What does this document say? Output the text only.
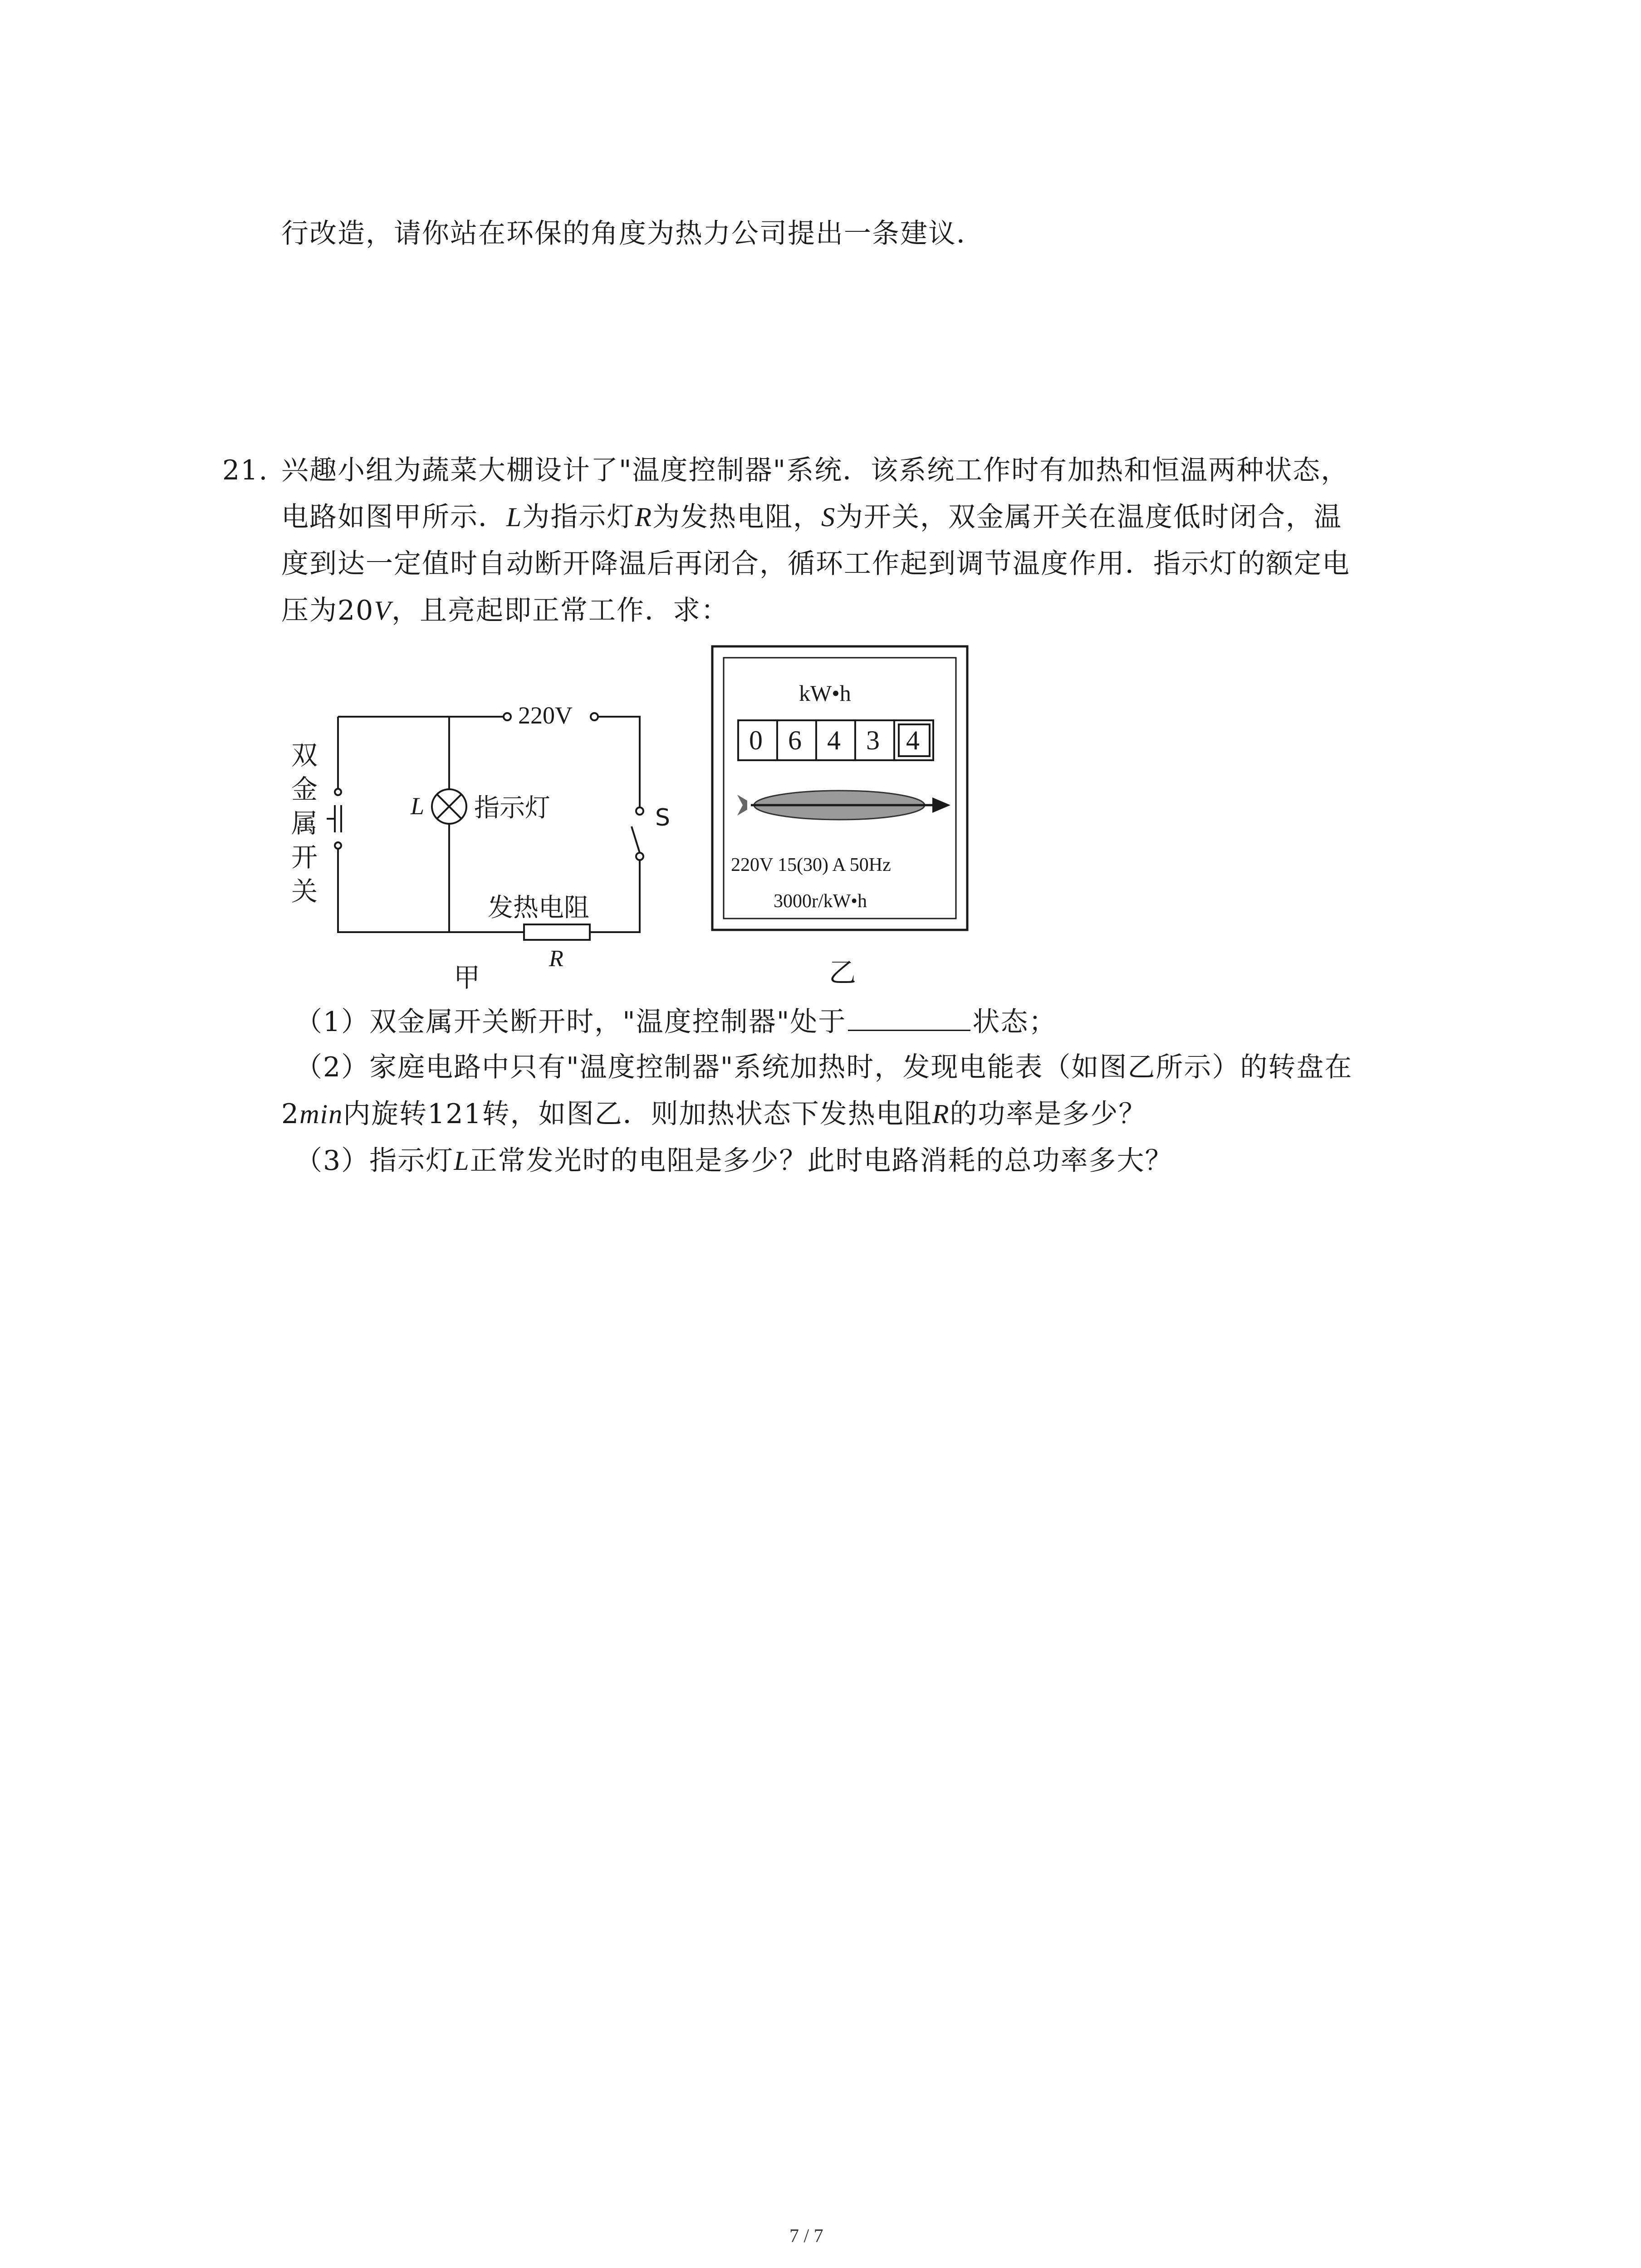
行改造，请你站在环保的角度为热力公司提出一条建议．
21. 兴趣小组为蔬菜大棚设计了"温度控制器"系统．该系统工作时有加热和恒温两种状态，
电路如图甲所示．L为指示灯R为发热电阻，S为开关，双金属开关在温度低时闭合，温
度到达一定值时自动断开降温后再闭合，循环工作起到调节温度作用．指示灯的额定电
压为20V，且亮起即正常工作．求：
220V
L 指示灯	S
发热电阻
R
双
金
属
开
关
甲
kW•h
0 6 4 3 4
220V 15(30) A 50Hz
3000r/kW•h
乙
（1）双金属开关断开时，"温度控制器"处于	状态；
（2）家庭电路中只有"温度控制器"系统加热时，发现电能表（如图乙所示）的转盘在
2min内旋转121转，如图乙．则加热状态下发热电阻R的功率是多少？
（3）指示灯L正常发光时的电阻是多少？此时电路消耗的总功率多大？
7 / 7
